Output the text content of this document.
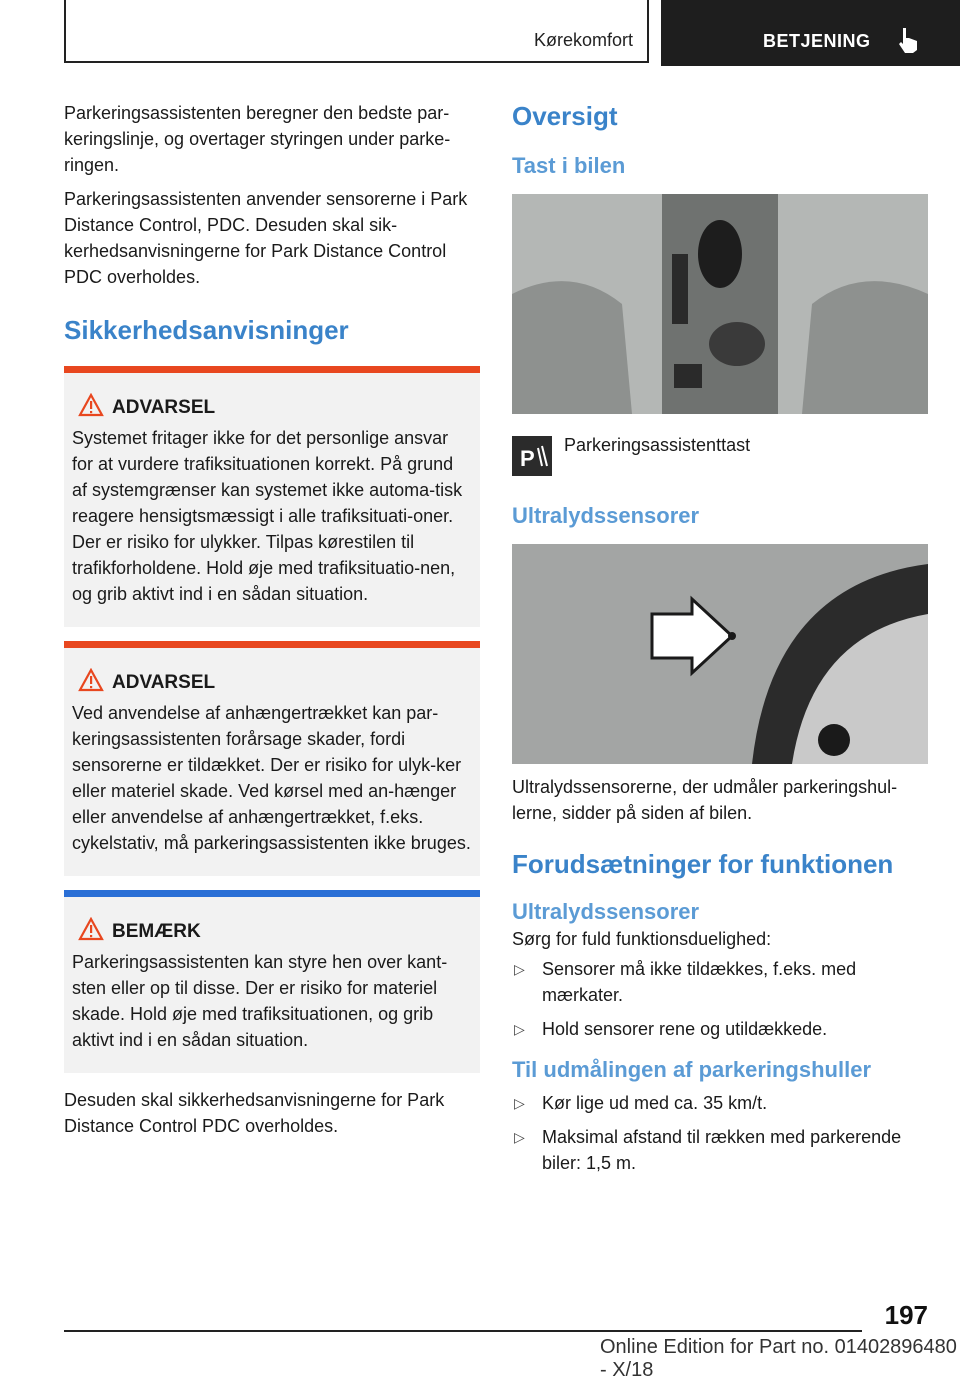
Kørekomfort	BETJENING

Parkeringsassistenten beregner den bedste par-keringslinje, og overtager styringen under parke-ringen.

Parkeringsassistenten anvender sensorerne i Park Distance Control, PDC. Desuden skal sik-kerhedsanvisningerne for Park Distance Control PDC overholdes.

Sikkerhedsanvisninger
ADVARSEL
Systemet fritager ikke for det personlige ansvar for at vurdere trafiksituationen korrekt. På grund af systemgrænser kan systemet ikke automa-tisk reagere hensigtsmæssigt i alle trafiksituati-oner. Der er risiko for ulykker. Tilpas kørestilen til trafikforholdene. Hold øje med trafiksituatio-nen, og grib aktivt ind i en sådan situation.
ADVARSEL
Ved anvendelse af anhængertrækket kan par-keringsassistenten forårsage skader, fordi sensorerne er tildækket. Der er risiko for ulyk-ker eller materiel skade. Ved kørsel med an-hænger eller anvendelse af anhængertrækket, f.eks. cykelstativ, må parkeringsassistenten ikke bruges.
BEMÆRK
Parkeringsassistenten kan styre hen over kant-sten eller op til disse. Der er risiko for materiel skade. Hold øje med trafiksituationen, og grib aktivt ind i en sådan situation.

Desuden skal sikkerhedsanvisningerne for Park Distance Control PDC overholdes.

Oversigt
Tast i bilen
P
Parkeringsassistenttast
Ultralydssensorer

Ultralydssensorerne, der udmåler parkeringshul-lerne, sidder på siden af bilen.

Forudsætninger for funktionen
Ultralydssensorer

Sørg for fuld funktionsduelighed:

▷ Sensorer må ikke tildækkes, f.eks. med mærkater.
▷ Hold sensorer rene og utildækkede.
Til udmålingen af parkeringshuller
▷ Kør lige ud med ca. 35 km/t.
▷ Maksimal afstand til rækken med parkerende biler: 1,5 m.
197
Online Edition for Part no. 01402896480 - X/18
